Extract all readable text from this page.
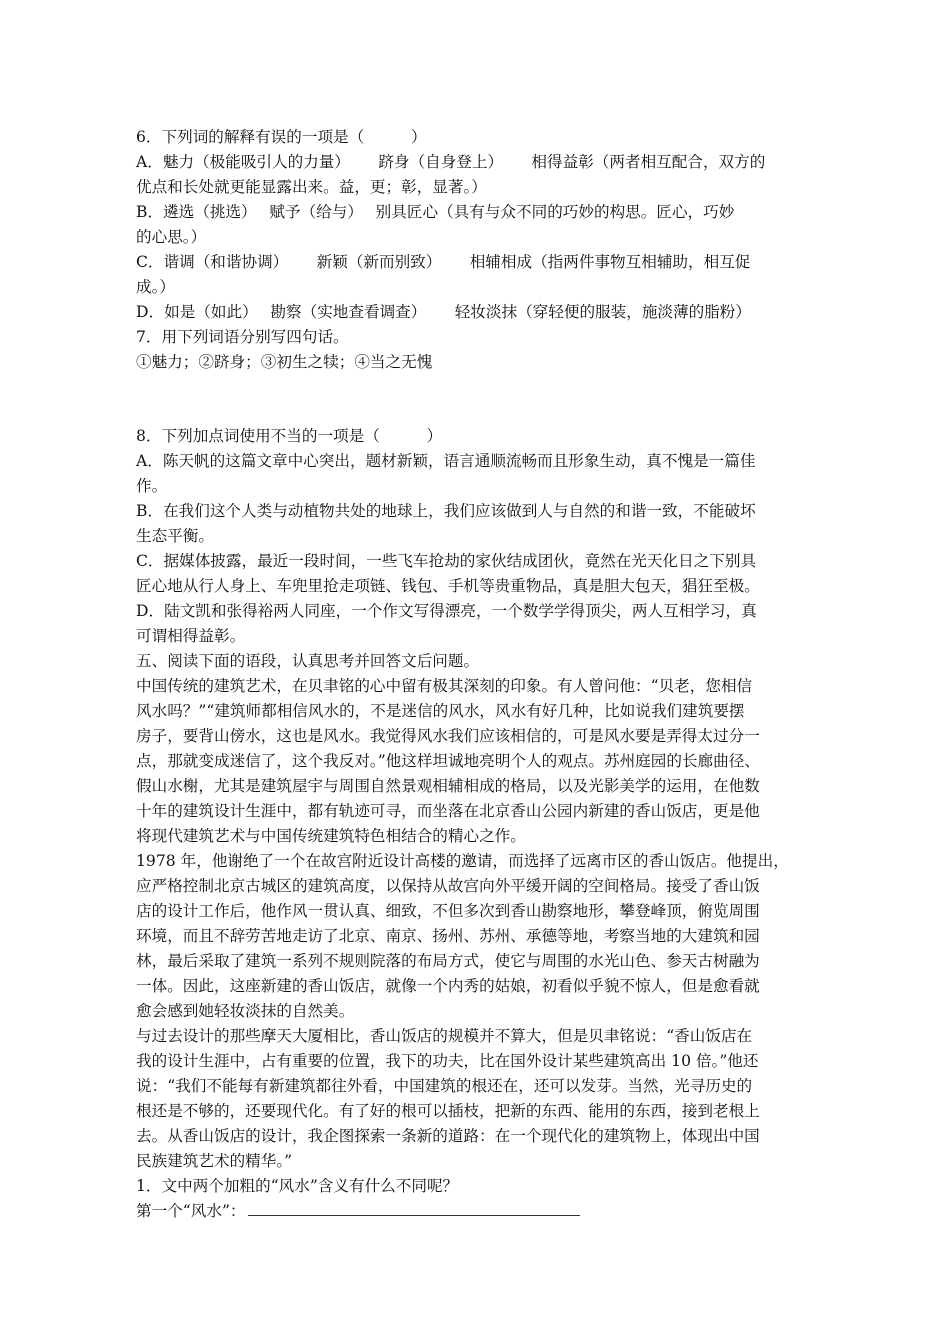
6．下列词的解释有误的一项是（　　　）
A．魅力（极能吸引人的力量）　　 跻身（自身登上）　　 相得益彰（两者相互配合，双方的
优点和长处就更能显露出来。益，更；彰，显著。）
B．遴选（挑选）　 赋予（给与）　 别具匠心（具有与众不同的巧妙的构思。匠心，巧妙
的心思。）
C．谐调（和谐协调）　　 新颖（新而别致）　　 相辅相成（指两件事物互相辅助，相互促
成。）
D．如是（如此）　 勘察（实地查看调查）　　 轻妆淡抹（穿轻便的服装，施淡薄的脂粉）
7．用下列词语分别写四句话。
①魅力；②跻身；③初生之犊；④当之无愧
8．下列加点词使用不当的一项是（　　　）
A．陈天帆的这篇文章中心突出，题材新颖，语言通顺流畅而且形象生动，真不愧是一篇佳
作。
B．在我们这个人类与动植物共处的地球上，我们应该做到人与自然的和谐一致，不能破坏
生态平衡。
C．据媒体披露，最近一段时间，一些飞车抢劫的家伙结成团伙，竟然在光天化日之下别具
匠心地从行人身上、车兜里抢走项链、钱包、手机等贵重物品，真是胆大包天，猖狂至极。
D．陆文凯和张得裕两人同座，一个作文写得漂亮，一个数学学得顶尖，两人互相学习，真
可谓相得益彰。
五、阅读下面的语段，认真思考并回答文后问题。
中国传统的建筑艺术，在贝聿铭的心中留有极其深刻的印象。有人曾问他：“贝老，您相信
风水吗？”“建筑师都相信风水的，不是迷信的风水，风水有好几种，比如说我们建筑要摆
房子，要背山傍水，这也是风水。我觉得风水我们应该相信的，可是风水要是弄得太过分一
点，那就变成迷信了，这个我反对。”他这样坦诚地亮明个人的观点。苏州庭园的长廊曲径、
假山水榭，尤其是建筑屋宇与周围自然景观相辅相成的格局，以及光影美学的运用，在他数
十年的建筑设计生涯中，都有轨迹可寻，而坐落在北京香山公园内新建的香山饭店，更是他
将现代建筑艺术与中国传统建筑特色相结合的精心之作。
1978 年，他谢绝了一个在故宫附近设计高楼的邀请，而选择了远离市区的香山饭店。他提出，
应严格控制北京古城区的建筑高度，以保持从故宫向外平缓开阔的空间格局。接受了香山饭
店的设计工作后，他作风一贯认真、细致，不但多次到香山勘察地形，攀登峰顶，俯览周围
环境，而且不辞劳苦地走访了北京、南京、扬州、苏州、承德等地，考察当地的大建筑和园
林，最后采取了建筑一系列不规则院落的布局方式，使它与周围的水光山色、参天古树融为
一体。因此，这座新建的香山饭店，就像一个内秀的姑娘，初看似乎貌不惊人，但是愈看就
愈会感到她轻妆淡抹的自然美。
与过去设计的那些摩天大厦相比，香山饭店的规模并不算大，但是贝聿铭说：“香山饭店在
我的设计生涯中，占有重要的位置，我下的功夫，比在国外设计某些建筑高出 10 倍。”他还
说：“我们不能每有新建筑都往外看，中国建筑的根还在，还可以发芽。当然，光寻历史的
根还是不够的，还要现代化。有了好的根可以插枝，把新的东西、能用的东西，接到老根上
去。从香山饭店的设计，我企图探索一条新的道路：在一个现代化的建筑物上，体现出中国
民族建筑艺术的精华。”
1．文中两个加粗的“风水”含义有什么不同呢？
第一个“风水”：
